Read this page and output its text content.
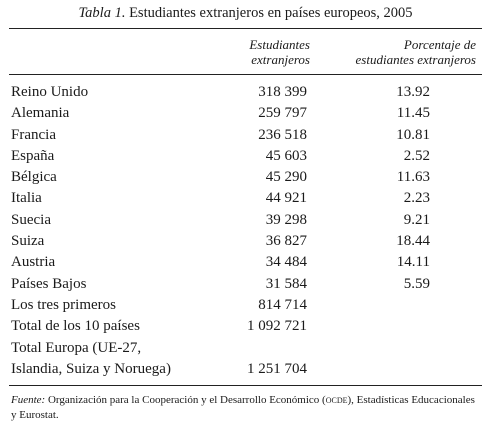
Tabla 1. Estudiantes extranjeros en países europeos, 2005
Estudiantes
extranjeros
Porcentaje de
estudiantes extranjeros
Reino Unido	318 399	13.92
Alemania	259 797	11.45
Francia	236 518	10.81
España	45 603	2.52
Bélgica	45 290	11.63
Italia	44 921	2.23
Suecia	39 298	9.21
Suiza	36 827	18.44
Austria	34 484	14.11
Países Bajos	31 584	5.59
Los tres primeros	814 714
Total de los 10 países	1 092 721
Total Europa (UE-27,
Islandia, Suiza y Noruega)	1 251 704
Fuente: Organización para la Cooperación y el Desarrollo Económico (ocde), Estadísticas Educacionales y Eurostat.
